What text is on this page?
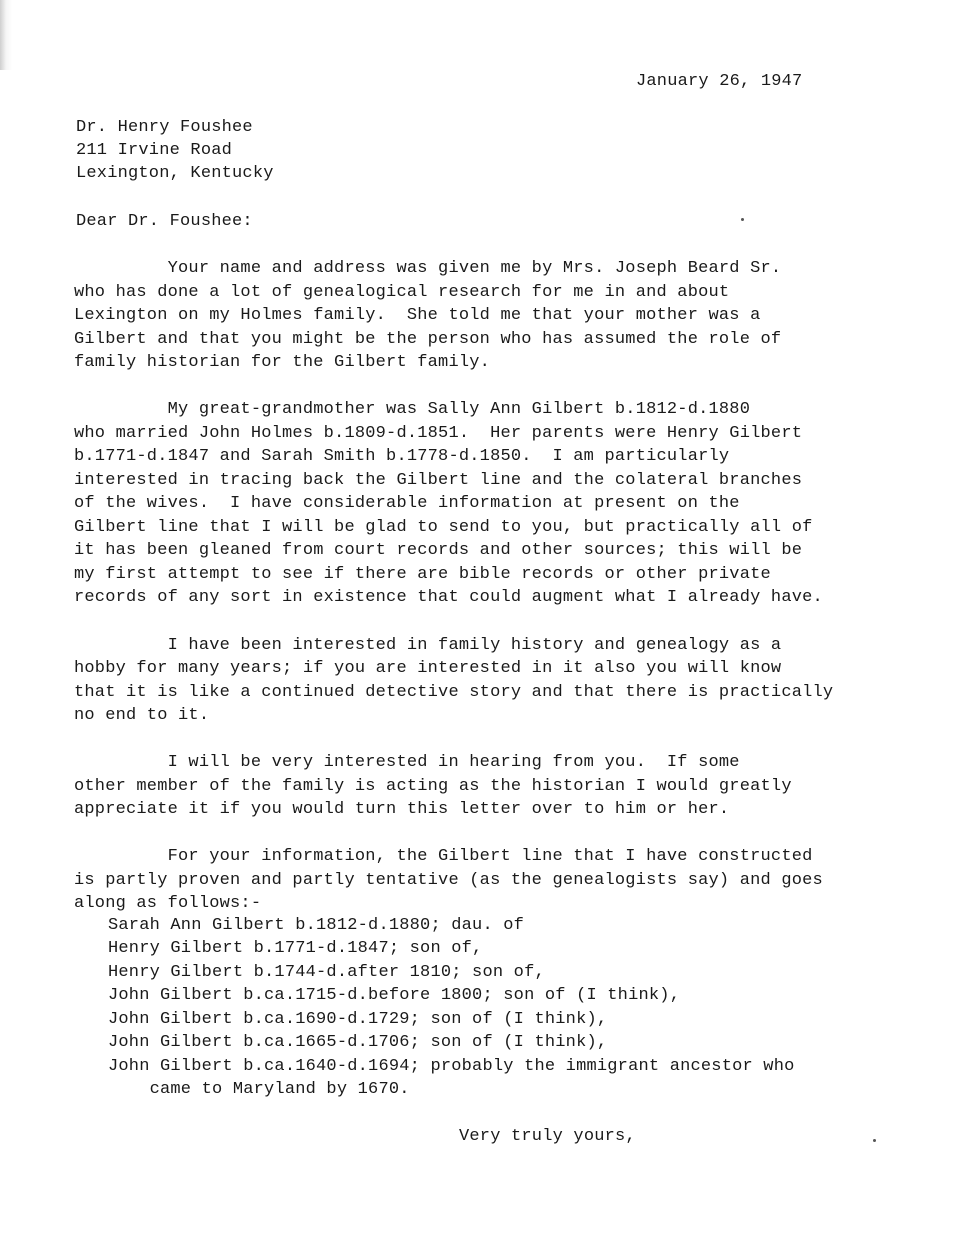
January 26, 1947
Dr. Henry Foushee
211 Irvine Road
Lexington, Kentucky
Dear Dr. Foushee:
Your name and address was given me by Mrs. Joseph Beard Sr.
who has done a lot of genealogical research for me in and about
Lexington on my Holmes family.  She told me that your mother was a
Gilbert and that you might be the person who has assumed the role of
family historian for the Gilbert family.
My great-grandmother was Sally Ann Gilbert b.1812-d.1880
who married John Holmes b.1809-d.1851.  Her parents were Henry Gilbert
b.1771-d.1847 and Sarah Smith b.1778-d.1850.  I am particularly
interested in tracing back the Gilbert line and the colateral branches
of the wives.  I have considerable information at present on the
Gilbert line that I will be glad to send to you, but practically all of
it has been gleaned from court records and other sources; this will be
my first attempt to see if there are bible records or other private
records of any sort in existence that could augment what I already have.
I have been interested in family history and genealogy as a
hobby for many years; if you are interested in it also you will know
that it is like a continued detective story and that there is practically
no end to it.
I will be very interested in hearing from you.  If some
other member of the family is acting as the historian I would greatly
appreciate it if you would turn this letter over to him or her.
For your information, the Gilbert line that I have constructed
is partly proven and partly tentative (as the genealogists say) and goes
along as follows:-
Sarah Ann Gilbert b.1812-d.1880; dau. of
Henry Gilbert b.1771-d.1847; son of,
Henry Gilbert b.1744-d.after 1810; son of,
John Gilbert b.ca.1715-d.before 1800; son of (I think),
John Gilbert b.ca.1690-d.1729; son of (I think),
John Gilbert b.ca.1665-d.1706; son of (I think),
John Gilbert b.ca.1640-d.1694; probably the immigrant ancestor who
came to Maryland by 1670.
Very truly yours,
